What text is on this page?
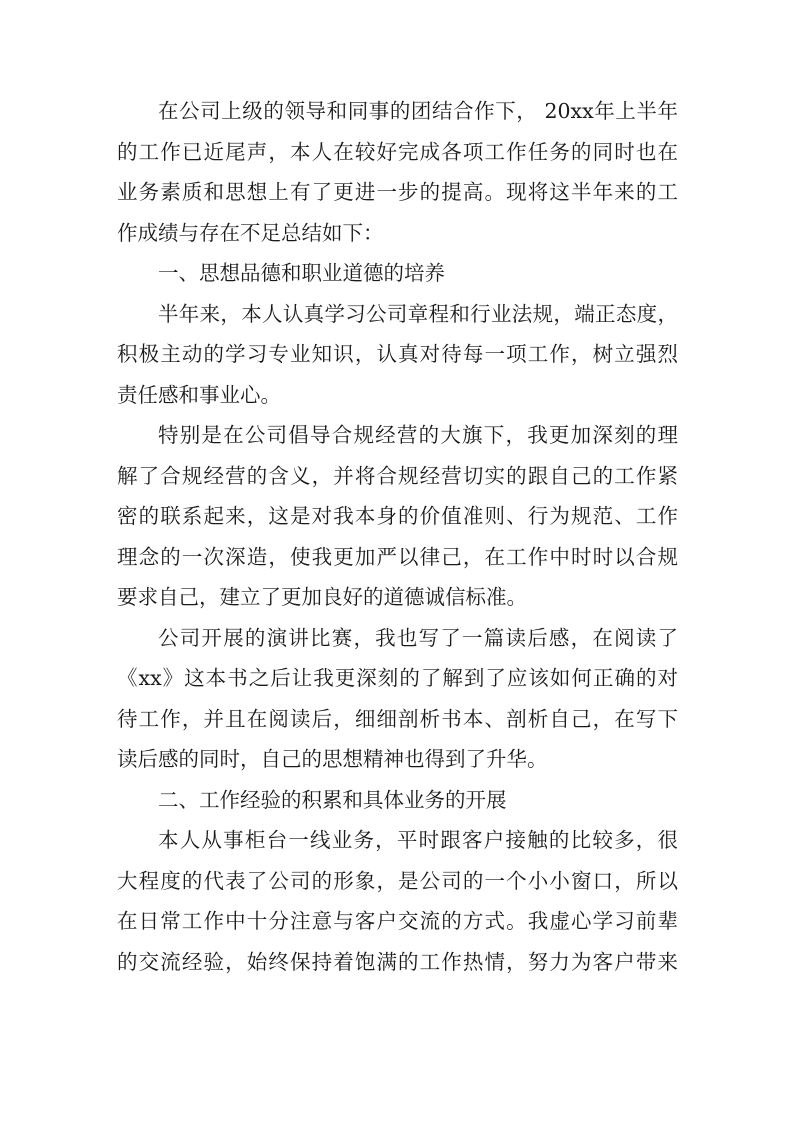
在公司上级的领导和同事的团结合作下， 20xx年上半年
的工作已近尾声，本人在较好完成各项工作任务的同时也在
业务素质和思想上有了更进一步的提高。现将这半年来的工
作成绩与存在不足总结如下：

一、思想品德和职业道德的培养

半年来，本人认真学习公司章程和行业法规，端正态度，
积极主动的学习专业知识，认真对待每一项工作，树立强烈
责任感和事业心。

特别是在公司倡导合规经营的大旗下，我更加深刻的理
解了合规经营的含义，并将合规经营切实的跟自己的工作紧
密的联系起来，这是对我本身的价值准则、行为规范、工作
理念的一次深造，使我更加严以律己，在工作中时时以合规
要求自己，建立了更加良好的道德诚信标准。

公司开展的演讲比赛，我也写了一篇读后感，在阅读了
《xx》这本书之后让我更深刻的了解到了应该如何正确的对
待工作，并且在阅读后，细细剖析书本、剖析自己，在写下
读后感的同时，自己的思想精神也得到了升华。

二、工作经验的积累和具体业务的开展

本人从事柜台一线业务，平时跟客户接触的比较多，很
大程度的代表了公司的形象，是公司的一个小小窗口，所以
在日常工作中十分注意与客户交流的方式。我虚心学习前辈
的交流经验，始终保持着饱满的工作热情，努力为客户带来
